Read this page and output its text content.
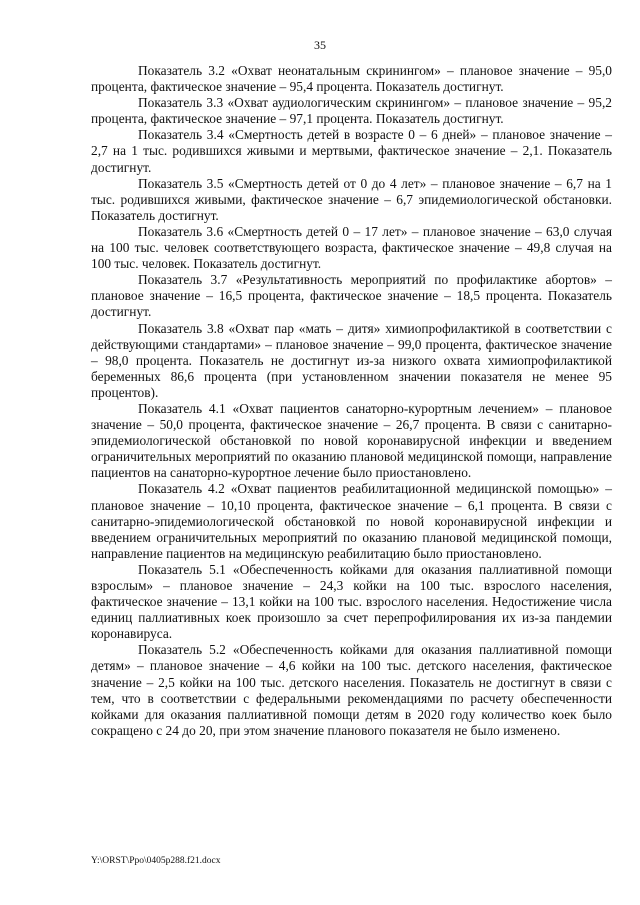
35

Показатель 3.2 «Охват неонатальным скринингом» – плановое значение – 95,0 процента, фактическое значение – 95,4 процента. Показатель достигнут.

Показатель 3.3 «Охват аудиологическим скринингом» – плановое значение – 95,2 процента, фактическое значение – 97,1 процента. Показатель достигнут.

Показатель 3.4 «Смертность детей в возрасте 0 – 6 дней» – плановое значение – 2,7 на 1 тыс. родившихся живыми и мертвыми, фактическое значение – 2,1. Показатель достигнут.

Показатель 3.5 «Смертность детей от 0 до 4 лет» – плановое значение – 6,7 на 1 тыс. родившихся живыми, фактическое значение – 6,7 эпидемиологической обстановки. Показатель достигнут.

Показатель 3.6 «Смертность детей 0 – 17 лет» – плановое значение – 63,0 случая на 100 тыс. человек соответствующего возраста, фактическое значение – 49,8 случая на 100 тыс. человек. Показатель достигнут.

Показатель 3.7 «Результативность мероприятий по профилактике абортов» – плановое значение – 16,5 процента, фактическое значение – 18,5 процента. Показатель достигнут.

Показатель 3.8 «Охват пар «мать – дитя» химиопрофилактикой в соответствии с действующими стандартами» – плановое значение – 99,0 процента, фактическое значение – 98,0 процента. Показатель не достигнут из-за низкого охвата химиопрофилактикой беременных 86,6 процента (при установленном значении показателя не менее 95 процентов).

Показатель 4.1 «Охват пациентов санаторно-курортным лечением» – плановое значение – 50,0 процента, фактическое значение – 26,7 процента. В связи с санитарно-эпидемиологической обстановкой по новой коронавирусной инфекции и введением ограничительных мероприятий по оказанию плановой медицинской помощи, направление пациентов на санаторно-курортное лечение было приостановлено.

Показатель 4.2 «Охват пациентов реабилитационной медицинской помощью» – плановое значение – 10,10 процента, фактическое значение – 6,1 процента. В связи с санитарно-эпидемиологической обстановкой по новой коронавирусной инфекции и введением ограничительных мероприятий по оказанию плановой медицинской помощи, направление пациентов на медицинскую реабилитацию было приостановлено.

Показатель 5.1 «Обеспеченность койками для оказания паллиативной помощи взрослым» – плановое значение – 24,3 койки на 100 тыс. взрослого населения, фактическое значение – 13,1 койки на 100 тыс. взрослого населения. Недостижение числа единиц паллиативных коек произошло за счет перепрофилирования их из-за пандемии коронавируса.

Показатель 5.2 «Обеспеченность койками для оказания паллиативной помощи детям» – плановое значение – 4,6 койки на 100 тыс. детского населения, фактическое значение – 2,5 койки на 100 тыс. детского населения. Показатель не достигнут в связи с тем, что в соответствии с федеральными рекомендациями по расчету обеспеченности койками для оказания паллиативной помощи детям в 2020 году количество коек было сокращено с 24 до 20, при этом значение планового показателя не было изменено.

Y:\ORST\Ppo\0405p288.f21.docx
